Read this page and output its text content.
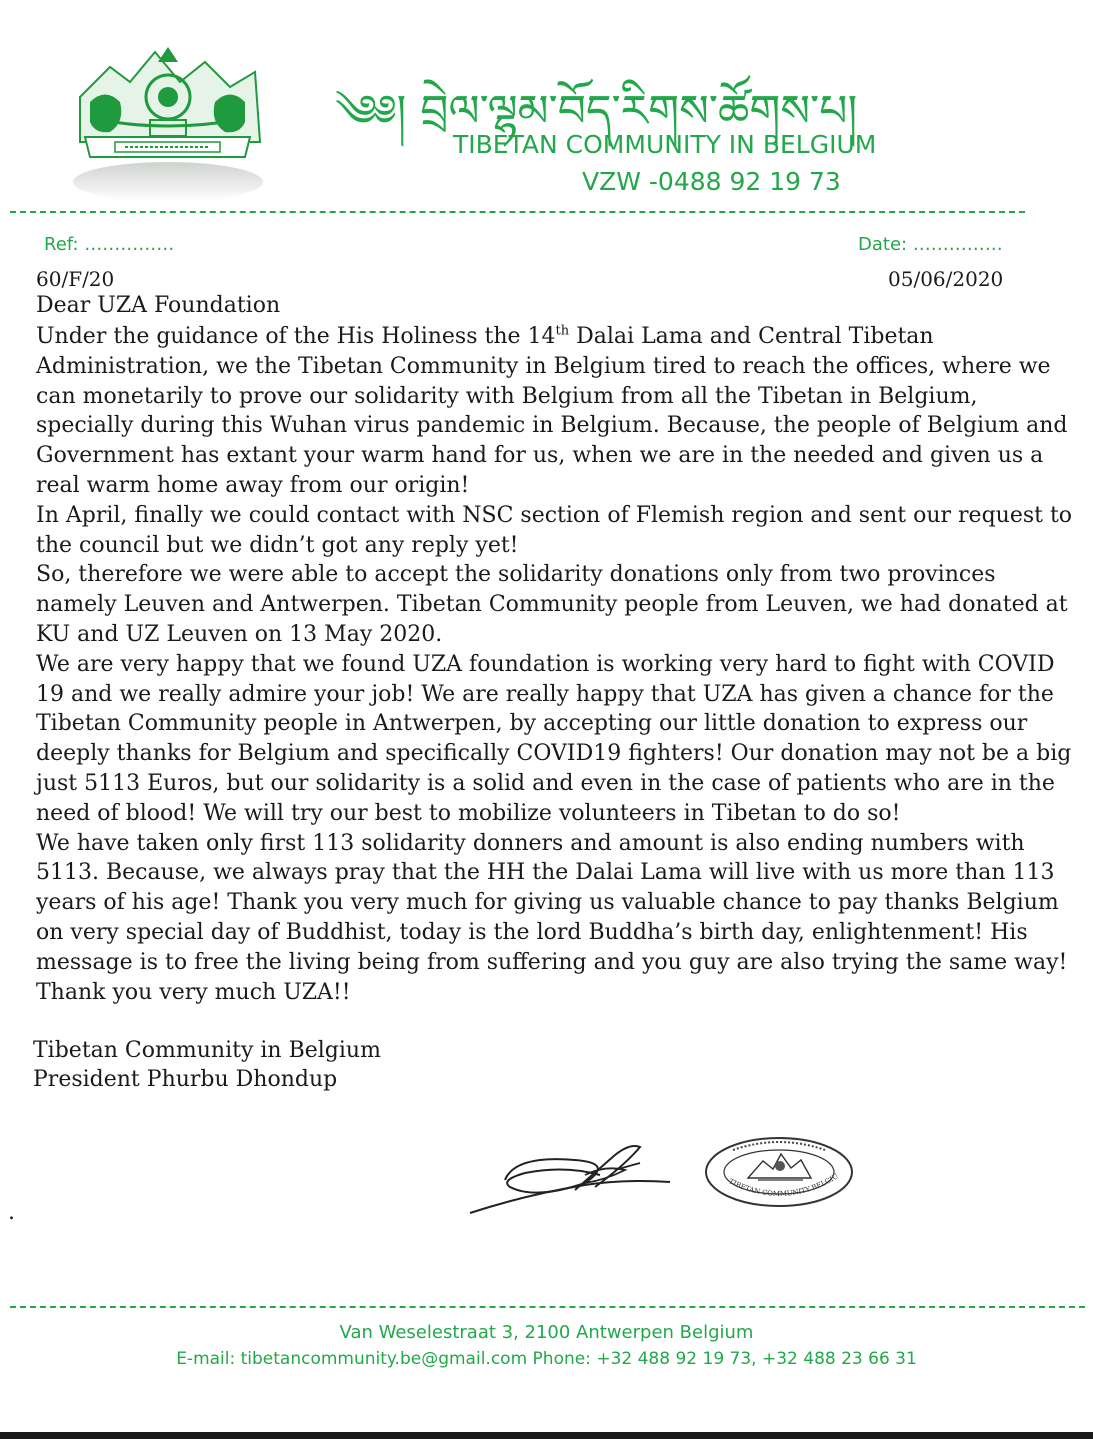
༄༅། བྲེལ་ལྷམ་བོད་རིགས་ཚོགས་པ།
TIBETAN COMMUNITY IN BELGIUM
VZW -0488 92 19 73
Ref: ……………	Date: ……………
60/F/20	05/06/2020
Dear UZA Foundation

Under the guidance of the His Holiness the 14th Dalai Lama and Central Tibetan Administration, we the Tibetan Community in Belgium tired to reach the offices, where we can monetarily to prove our solidarity with Belgium from all the Tibetan in Belgium, specially during this Wuhan virus pandemic in Belgium. Because, the people of Belgium and Government has extant your warm hand for us, when we are in the needed and given us a real warm home away from our origin!

In April, finally we could contact with NSC section of Flemish region and sent our request to the council but we didn’t got any reply yet!

So, therefore we were able to accept the solidarity donations only from two provinces namely Leuven and Antwerpen. Tibetan Community people from Leuven, we had donated at KU and UZ Leuven on 13 May 2020.

We are very happy that we found UZA foundation is working very hard to fight with COVID 19 and we really admire your job! We are really happy that UZA has given a chance for the Tibetan Community people in Antwerpen, by accepting our little donation to express our deeply thanks for Belgium and specifically COVID19 fighters! Our donation may not be a big just 5113 Euros, but our solidarity is a solid and even in the case of patients who are in the need of blood! We will try our best to mobilize volunteers in Tibetan to do so!

We have taken only first 113 solidarity donners and amount is also ending numbers with 5113. Because, we always pray that the HH the Dalai Lama will live with us more than 113 years of his age! Thank you very much for giving us valuable chance to pay thanks Belgium on very special day of Buddhist, today is the lord Buddha’s birth day, enlightenment! His message is to free the living being from suffering and you guy are also trying the same way!

Thank you very much UZA!!

Tibetan Community in Belgium
President Phurbu Dhondup
.
TIBETAN COMMUNITY BELGIU
Van Weselestraat 3, 2100 Antwerpen Belgium
E-mail: tibetancommunity.be@gmail.com Phone: +32 488 92 19 73, +32 488 23 66 31
